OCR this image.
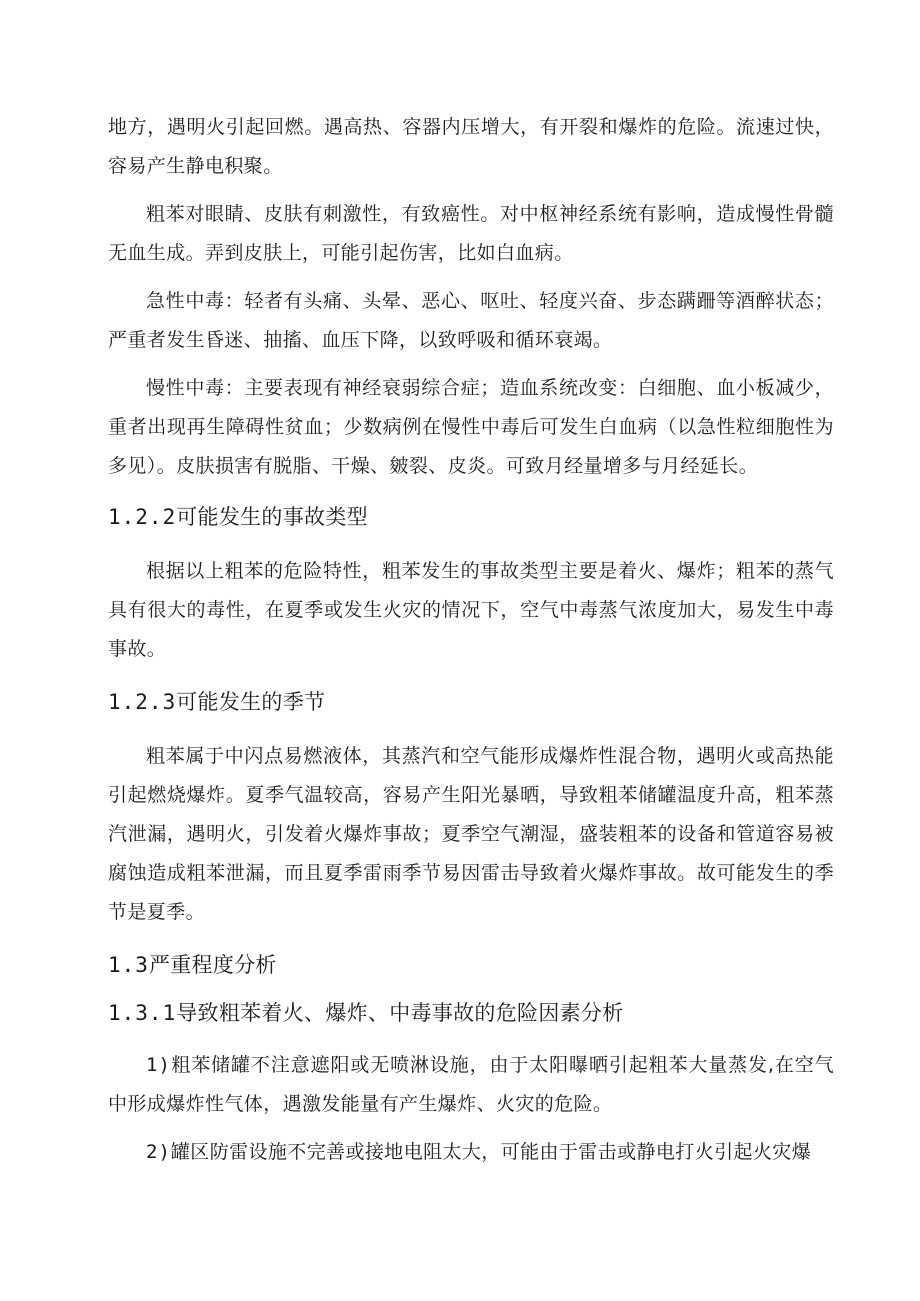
地方，遇明火引起回燃。遇高热、容器内压增大，有开裂和爆炸的危险。流速过快，容易产生静电积聚。

粗苯对眼睛、皮肤有刺激性，有致癌性。对中枢神经系统有影响，造成慢性骨髓无血生成。弄到皮肤上，可能引起伤害，比如白血病。

急性中毒：轻者有头痛、头晕、恶心、呕吐、轻度兴奋、步态蹒跚等酒醉状态；严重者发生昏迷、抽搐、血压下降，以致呼吸和循环衰竭。

慢性中毒：主要表现有神经衰弱综合症；造血系统改变：白细胞、血小板减少，重者出现再生障碍性贫血；少数病例在慢性中毒后可发生白血病（以急性粒细胞性为多见）。皮肤损害有脱脂、干燥、皴裂、皮炎。可致月经量增多与月经延长。

1.2.2可能发生的事故类型

根据以上粗苯的危险特性，粗苯发生的事故类型主要是着火、爆炸；粗苯的蒸气具有很大的毒性，在夏季或发生火灾的情况下，空气中毒蒸气浓度加大，易发生中毒事故。

1.2.3可能发生的季节

粗苯属于中闪点易燃液体，其蒸汽和空气能形成爆炸性混合物，遇明火或高热能引起燃烧爆炸。夏季气温较高，容易产生阳光暴晒，导致粗苯储罐温度升高，粗苯蒸汽泄漏，遇明火，引发着火爆炸事故；夏季空气潮湿，盛装粗苯的设备和管道容易被腐蚀造成粗苯泄漏，而且夏季雷雨季节易因雷击导致着火爆炸事故。故可能发生的季节是夏季。

1.3严重程度分析
1.3.1导致粗苯着火、爆炸、中毒事故的危险因素分析

1)粗苯储罐不注意遮阳或无喷淋设施，由于太阳曝晒引起粗苯大量蒸发,在空气中形成爆炸性气体，遇激发能量有产生爆炸、火灾的危险。

2)罐区防雷设施不完善或接地电阻太大，可能由于雷击或静电打火引起火灾爆
